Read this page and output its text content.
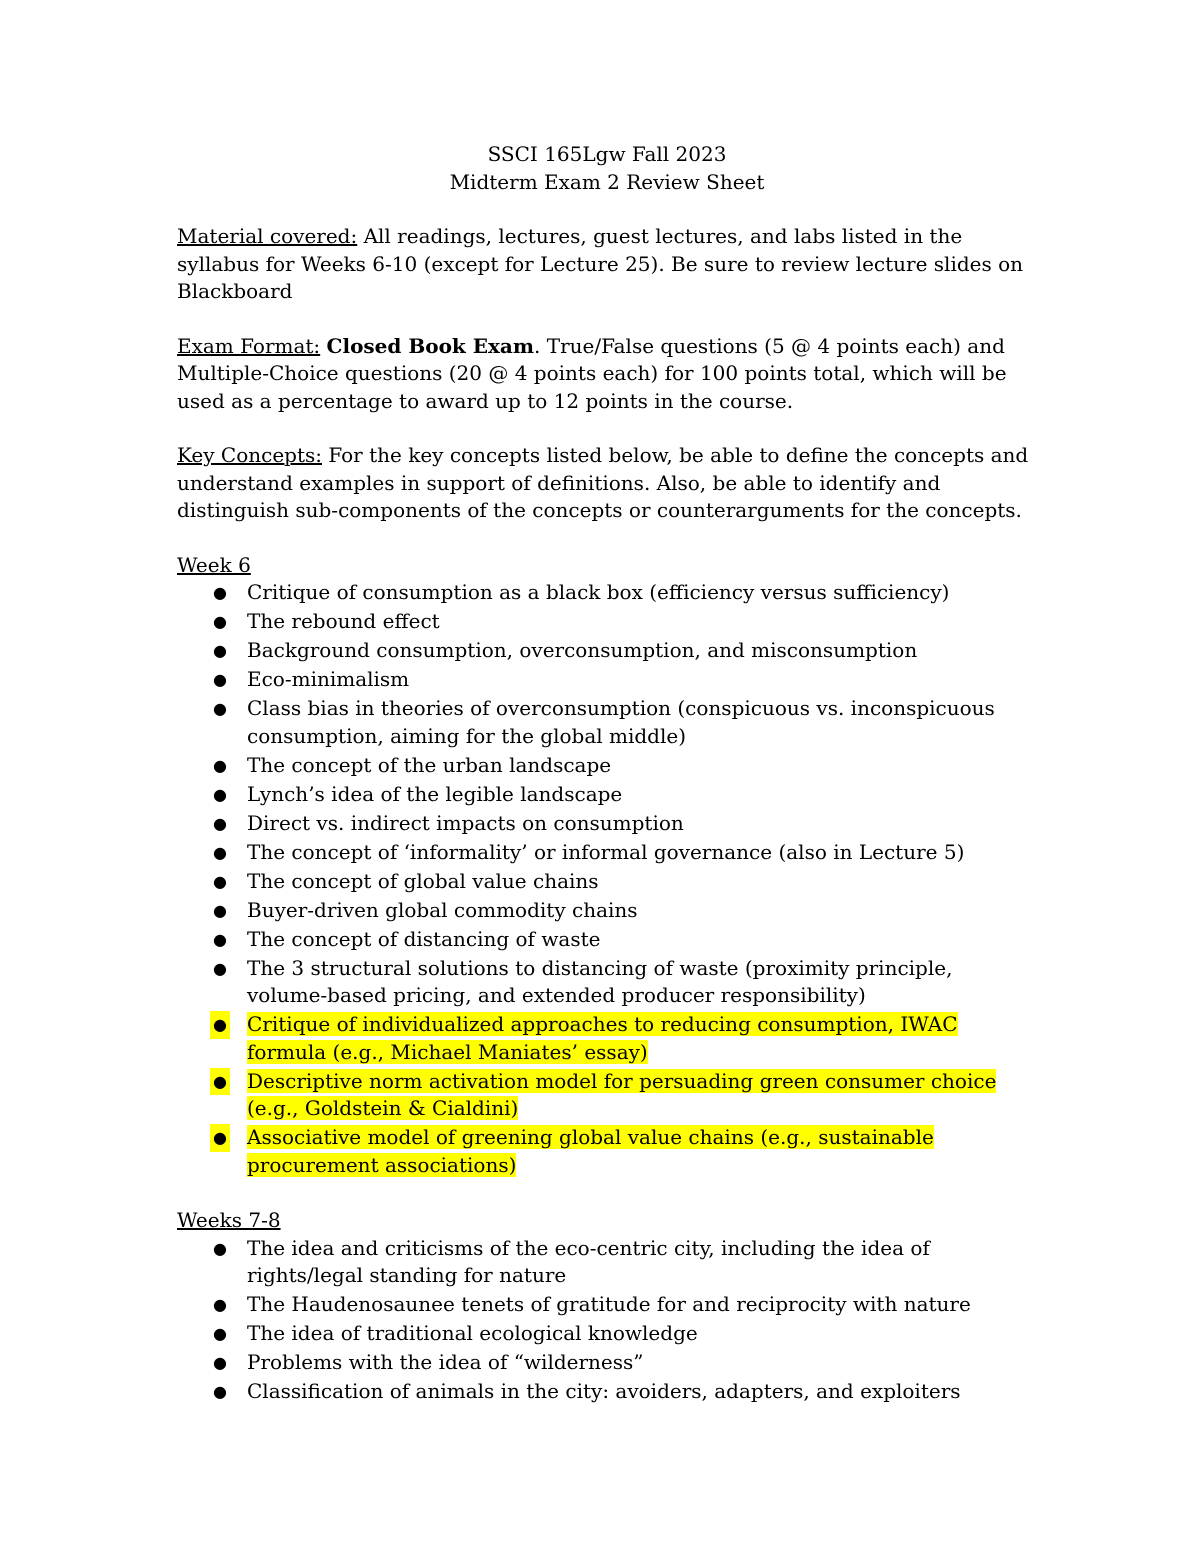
SSCI 165Lgw Fall 2023
Midterm Exam 2 Review Sheet

Material covered: All readings, lectures, guest lectures, and labs listed in the syllabus for Weeks 6-10 (except for Lecture 25). Be sure to review lecture slides on Blackboard

Exam Format: Closed Book Exam. True/False questions (5 @ 4 points each) and Multiple-Choice questions (20 @ 4 points each) for 100 points total, which will be used as a percentage to award up to 12 points in the course.

Key Concepts: For the key concepts listed below, be able to define the concepts and understand examples in support of definitions. Also, be able to identify and distinguish sub-components of the concepts or counterarguments for the concepts.

Week 6
● Critique of consumption as a black box (efficiency versus sufficiency)
● The rebound effect
● Background consumption, overconsumption, and misconsumption
● Eco-minimalism
● Class bias in theories of overconsumption (conspicuous vs. inconspicuous consumption, aiming for the global middle)
● The concept of the urban landscape
● Lynch’s idea of the legible landscape
● Direct vs. indirect impacts on consumption
● The concept of ‘informality’ or informal governance (also in Lecture 5)
● The concept of global value chains
● Buyer-driven global commodity chains
● The concept of distancing of waste
● The 3 structural solutions to distancing of waste (proximity principle, volume-based pricing, and extended producer responsibility)
● Critique of individualized approaches to reducing consumption, IWAC formula (e.g., Michael Maniates’ essay)
● Descriptive norm activation model for persuading green consumer choice (e.g., Goldstein & Cialdini)
● Associative model of greening global value chains (e.g., sustainable procurement associations)
Weeks 7-8
● The idea and criticisms of the eco-centric city, including the idea of rights/legal standing for nature
● The Haudenosaunee tenets of gratitude for and reciprocity with nature
● The idea of traditional ecological knowledge
● Problems with the idea of “wilderness”
● Classification of animals in the city: avoiders, adapters, and exploiters
